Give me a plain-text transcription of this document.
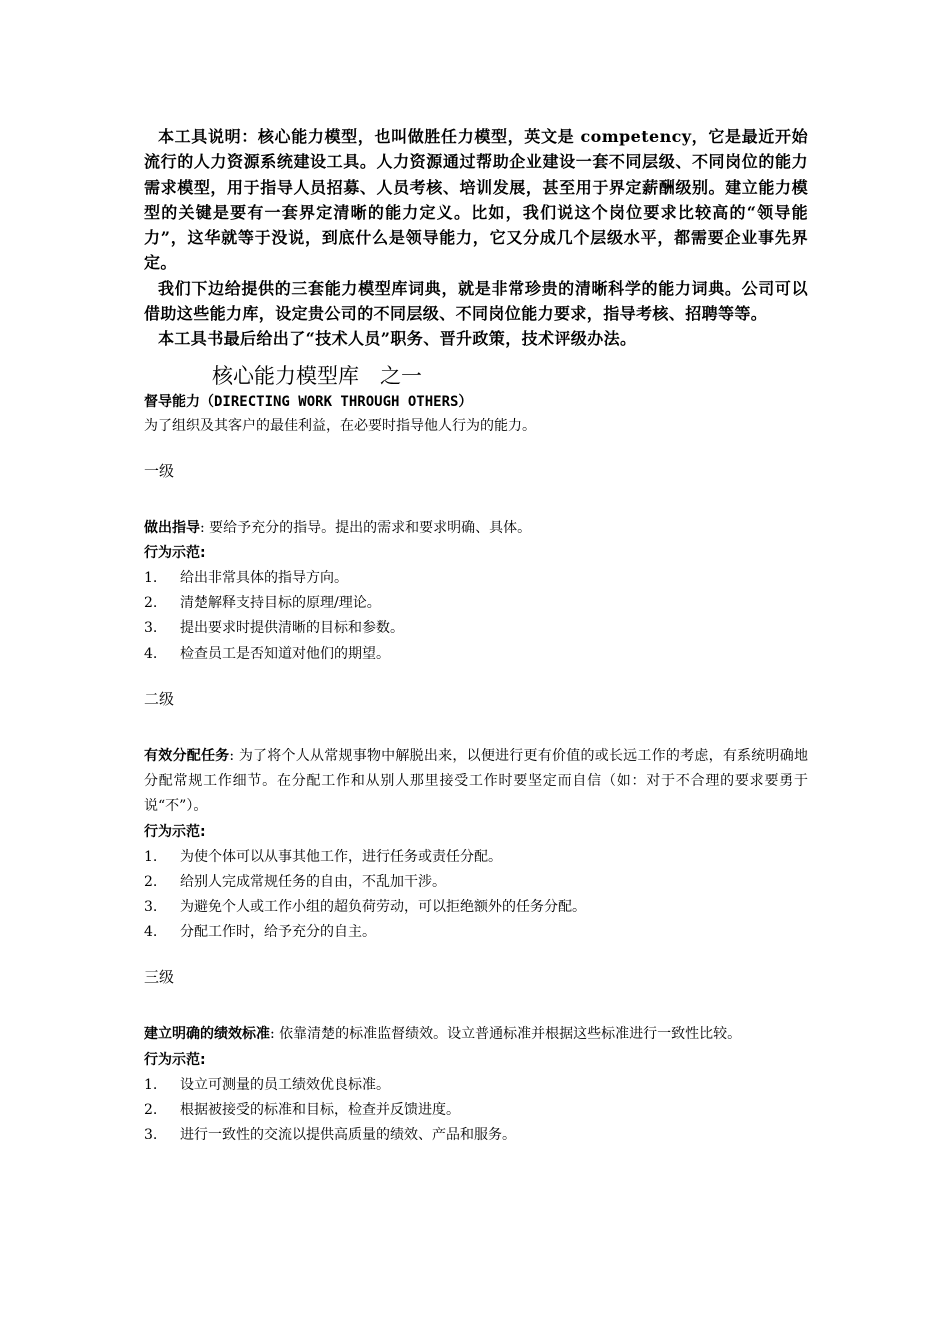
本工具说明：核心能力模型，也叫做胜任力模型，英文是 competency，它是最近开始流行的人力资源系统建设工具。人力资源通过帮助企业建设一套不同层级、不同岗位的能力需求模型，用于指导人员招募、人员考核、培训发展，甚至用于界定薪酬级别。建立能力模型的关键是要有一套界定清晰的能力定义。比如，我们说这个岗位要求比较高的“领导能力”，这华就等于没说，到底什么是领导能力，它又分成几个层级水平，都需要企业事先界定。

我们下边给提供的三套能力模型库词典，就是非常珍贵的清晰科学的能力词典。公司可以借助这些能力库，设定贵公司的不同层级、不同岗位能力要求，指导考核、招聘等等。

本工具书最后给出了“技术人员”职务、晋升政策，技术评级办法。

核心能力模型库　之一
督导能力（DIRECTING WORK THROUGH OTHERS）
为了组织及其客户的最佳利益，在必要时指导他人行为的能力。
一级
做出指导: 要给予充分的指导。提出的需求和要求明确、具体。
行为示范:
1.	给出非常具体的指导方向。
2.	清楚解释支持目标的原理/理论。
3.	提出要求时提供清晰的目标和参数。
4.	检查员工是否知道对他们的期望。
二级
有效分配任务: 为了将个人从常规事物中解脱出来，以便进行更有价值的或长远工作的考虑，有系统明确地分配常规工作细节。在分配工作和从别人那里接受工作时要坚定而自信（如：对于不合理的要求要勇于说“不”）。
行为示范:
1.	为使个体可以从事其他工作，进行任务或责任分配。
2.	给别人完成常规任务的自由，不乱加干涉。
3.	为避免个人或工作小组的超负荷劳动，可以拒绝额外的任务分配。
4.	分配工作时，给予充分的自主。
三级
建立明确的绩效标准: 依靠清楚的标准监督绩效。设立普通标准并根据这些标准进行一致性比较。
行为示范:
1.	设立可测量的员工绩效优良标准。
2.	根据被接受的标准和目标，检查并反馈进度。
3.	进行一致性的交流以提供高质量的绩效、产品和服务。
